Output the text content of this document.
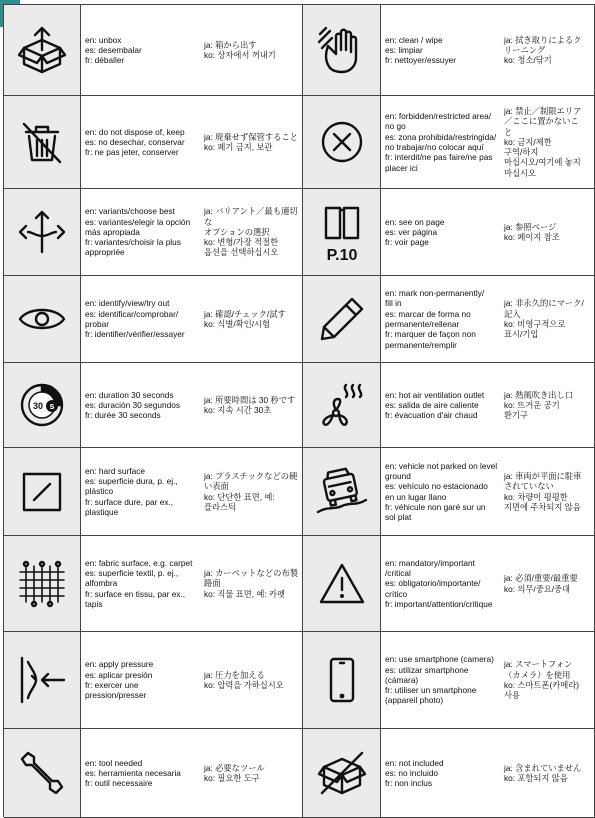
en: unbox
es: desembalar
fr: déballer
ja: 箱から出す
ko: 상자에서 꺼내기
en: clean / wipe
es: limpiar
fr: nettoyer/essuyer
ja: 拭き取りによるク
リーニング
ko: 청소/닦기
en: do not dispose of, keep
es: no desechar, conservar
fr: ne pas jeter, conserver
ja: 廃棄せず保管すること
ko: 폐기 금지, 보관
en: forbidden/restricted area/
no go
es: zona prohibida/restringida/
no trabajar/no colocar aquí
fr: interdit/ne pas faire/ne pas
placer ici
ja: 禁止／制限エリア
／ここに置かないこ
と
ko: 금지/제한
구역/하지
마십시오/여기에 놓지
마십시오
en: variants/choose best
es: variantes/elegir la opción
más apropiada
fr: variantes/choisir la plus
appropriée
ja: バリアント／最も適切
な
オプションの選択
ko: 변형/가장 적절한
옵션을 선택하십시오	P.10
en: see on page
es: ver página
fr: voir page
ja: 参照ページ
ko: 페이지 참조
en: identify/view/try out
es: identificar/comprobar/
probar
fr: identifier/vérifier/essayer
ja: 確認/チェック/試す
ko: 식별/확인/시험
en: mark non-permanently/
fill in
es: marcar de forma no
permanente/rellenar
fr: marquer de façon non
permanente/remplir
ja: 非永久的にマーク/
記入
ko: 비영구적으로
표시/기입
30 s
en: duration 30 seconds
es: duración 30 segundos
fr: durée 30 seconds
ja: 所要時間は 30 秒です
ko: 지속 시간 30초
en: hot air ventilation outlet
es: salida de aire caliente
fr: évacuation d'air chaud
ja: 熱風吹き出し口
ko: 뜨거운 공기
환기구
en: hard surface
es: superficie dura, p. ej.,
plástico
fr: surface dure, par ex.,
plastique
ja: プラスチックなどの硬
い表面
ko: 단단한 표면, 예:
플라스틱
en: vehicle not parked on level
ground
es: vehículo no estacionado
en un lugar llano
fr: véhicule non garé sur un
sol plat
ja: 車両が平面に駐車
されていない
ko: 차량이 평평한
지면에 주차되지 않음
en: fabric surface, e.g. carpet
es: superficie textil, p. ej.,
alfombra
fr: surface en tissu, par ex.,
tapis
ja: カーペットなどの布製
路面
ko: 직물 표면, 예: 카펫
en: mandatory/important
/critical
es: obligatorio/importante/
crítico
fr: important/attention/critique
ja: 必須/重要/最重要
ko: 의무/중요/중대
en: apply pressure
es: aplicar presión
fr: exercer une
pression/presser
ja: 圧力を加える
ko: 압력을 가하십시오
en: use smartphone (camera)
es: utilizar smartphone
(cámara)
fr: utiliser un smartphone
(appareil photo)
ja: スマートフォン
（カメラ）を使用
ko: 스마트폰(카메라)
사용
en: tool needed
es: herramienta necesaria
fr: outil necessaire
ja: 必要なツール
ko: 필요한 도구
en: not included
es: no incluido
fr: non inclus
ja: 含まれていません
ko: 포함되지 않음
